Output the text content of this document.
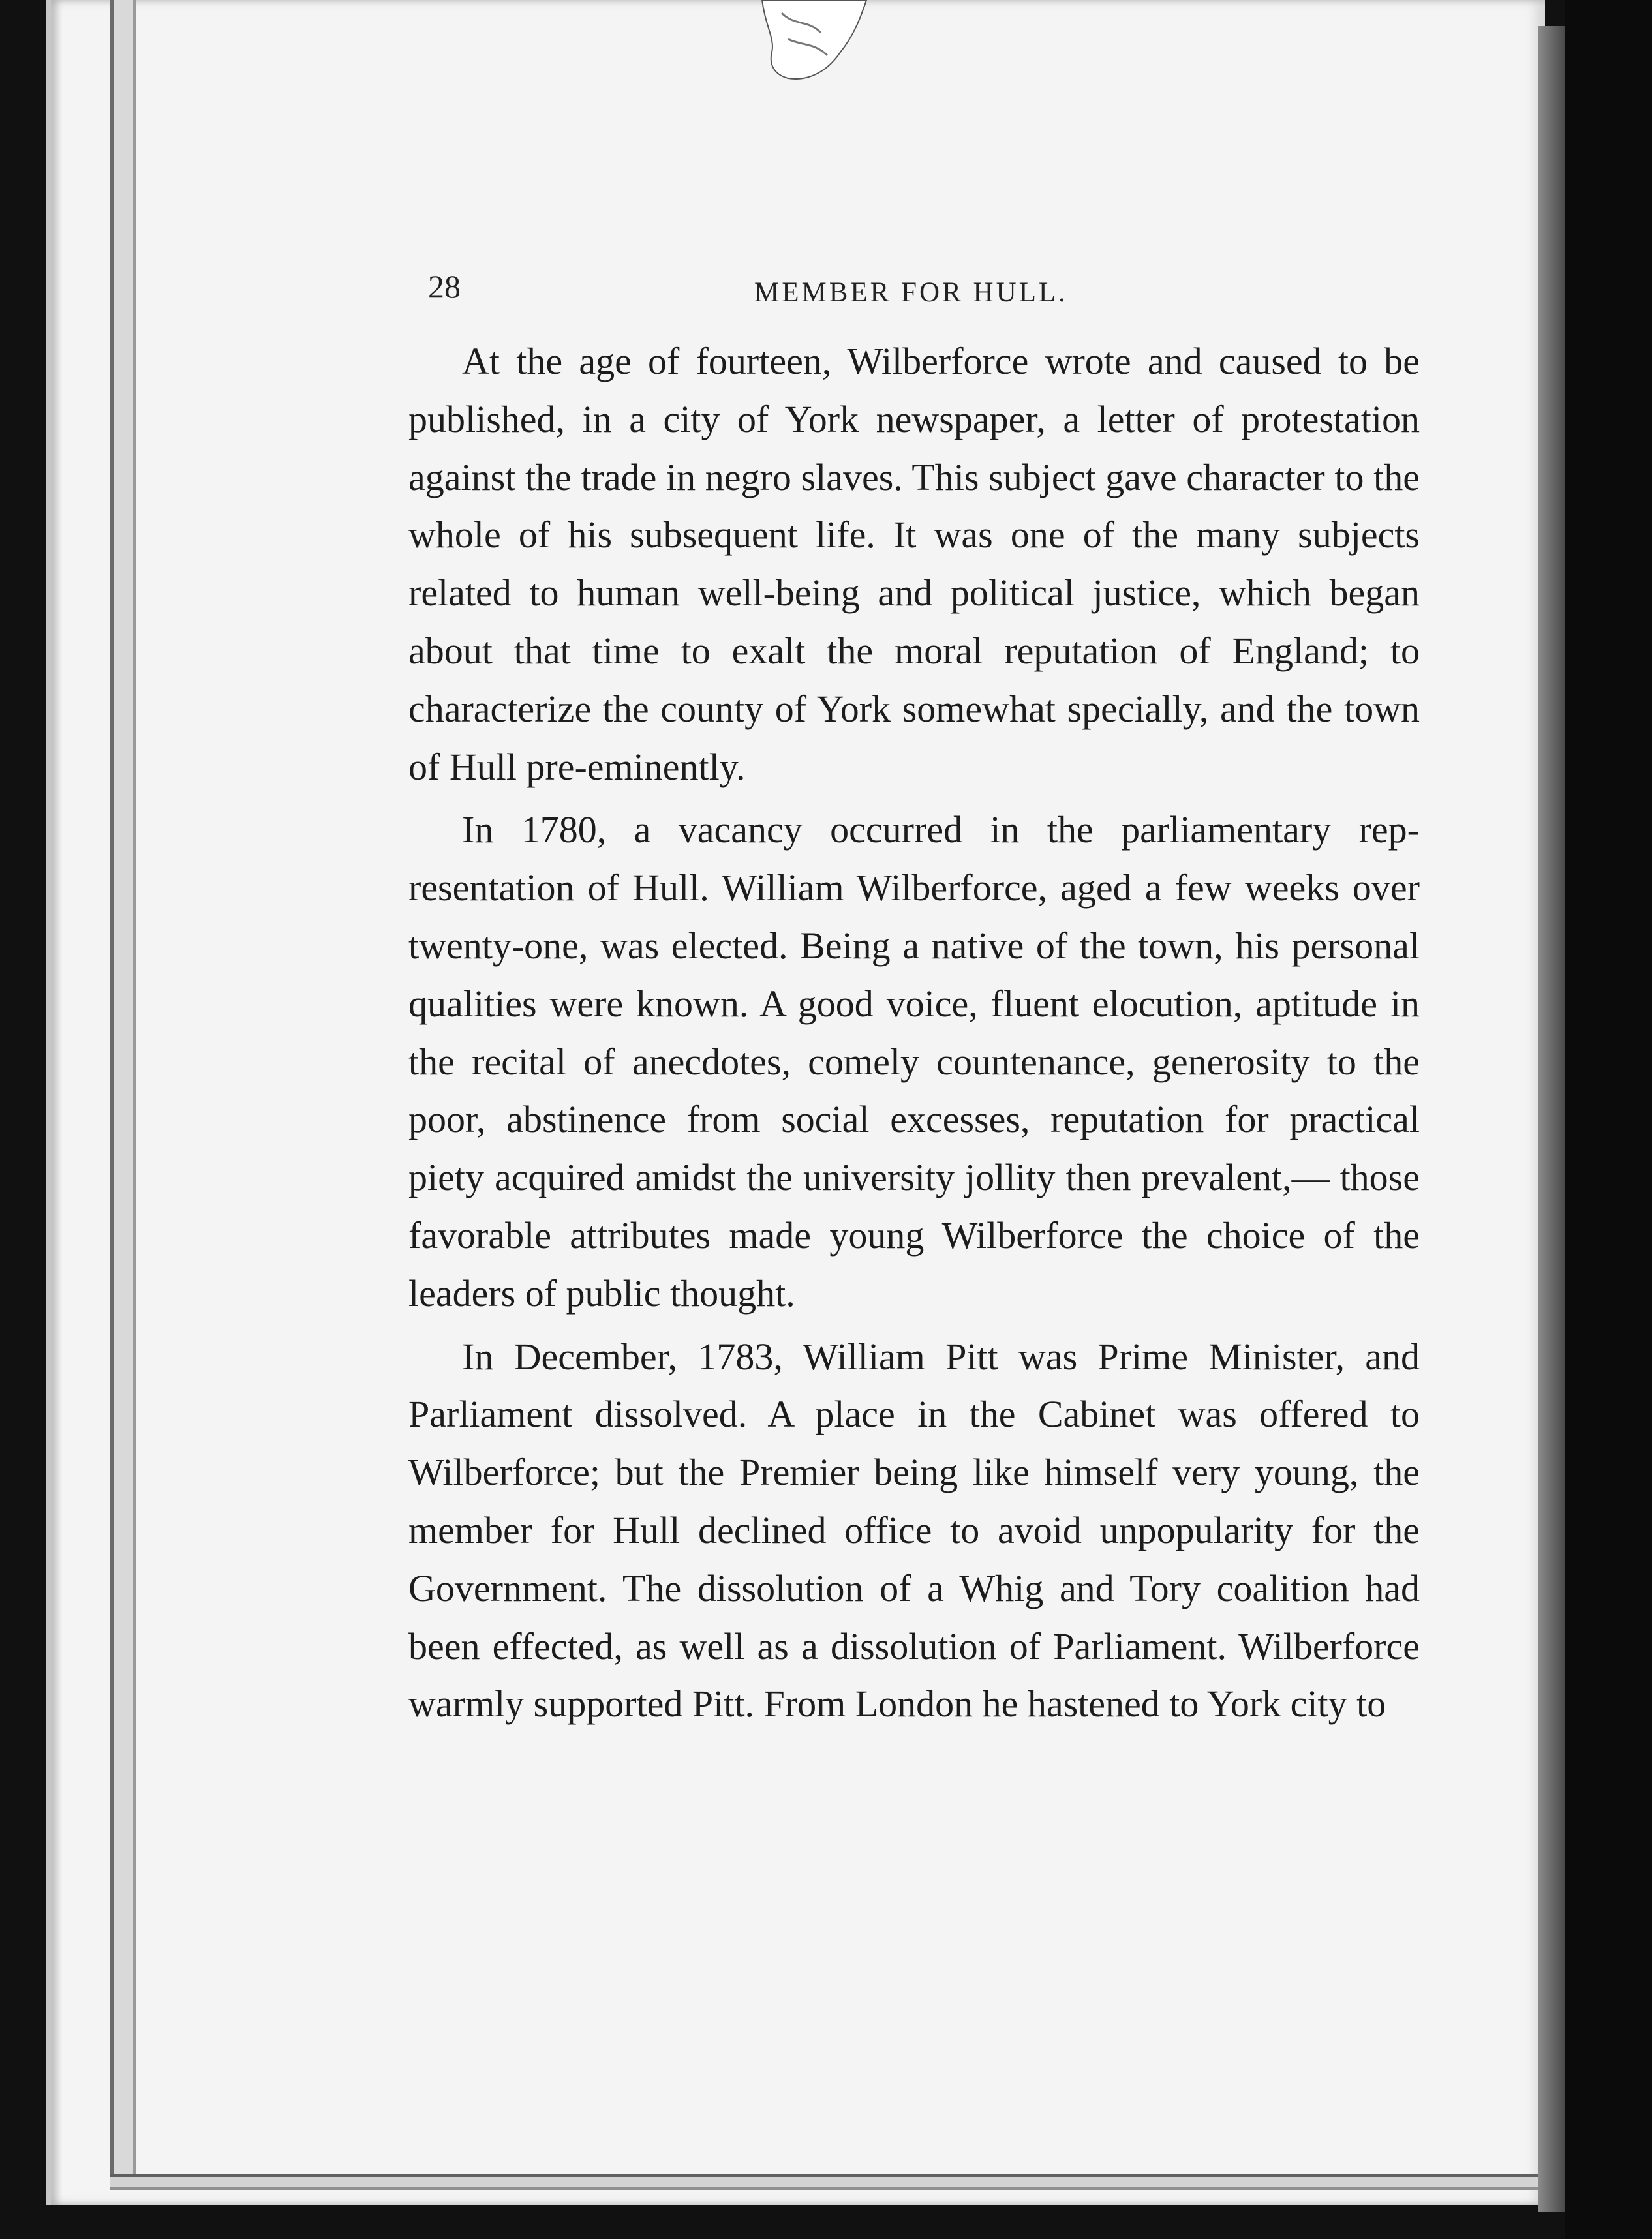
28	MEMBER FOR HULL.

At the age of fourteen, Wilberforce wrote and caused to be published, in a city of York newspaper, a letter of protestation against the trade in negro slaves. This subject gave character to the whole of his subsequent life. It was one of the many subjects related to human well-being and political justice, which began about that time to exalt the moral reputation of England; to characterize the county of York somewhat specially, and the town of Hull pre-eminently.

In 1780, a vacancy occurred in the parliamentary representation of Hull. William Wilberforce, aged a few weeks over twenty-one, was elected. Being a native of the town, his personal qualities were known. A good voice, fluent elocution, aptitude in the recital of anecdotes, comely countenance, generosity to the poor, abstinence from social excesses, reputation for practical piety acquired amidst the university jollity then prevalent,— those favorable attributes made young Wilberforce the choice of the leaders of public thought.

In December, 1783, William Pitt was Prime Minister, and Parliament dissolved. A place in the Cabinet was offered to Wilberforce; but the Premier being like himself very young, the member for Hull declined office to avoid unpopularity for the Government. The dissolution of a Whig and Tory coalition had been effected, as well as a dissolution of Parliament. Wilberforce warmly supported Pitt. From London he hastened to York city to
